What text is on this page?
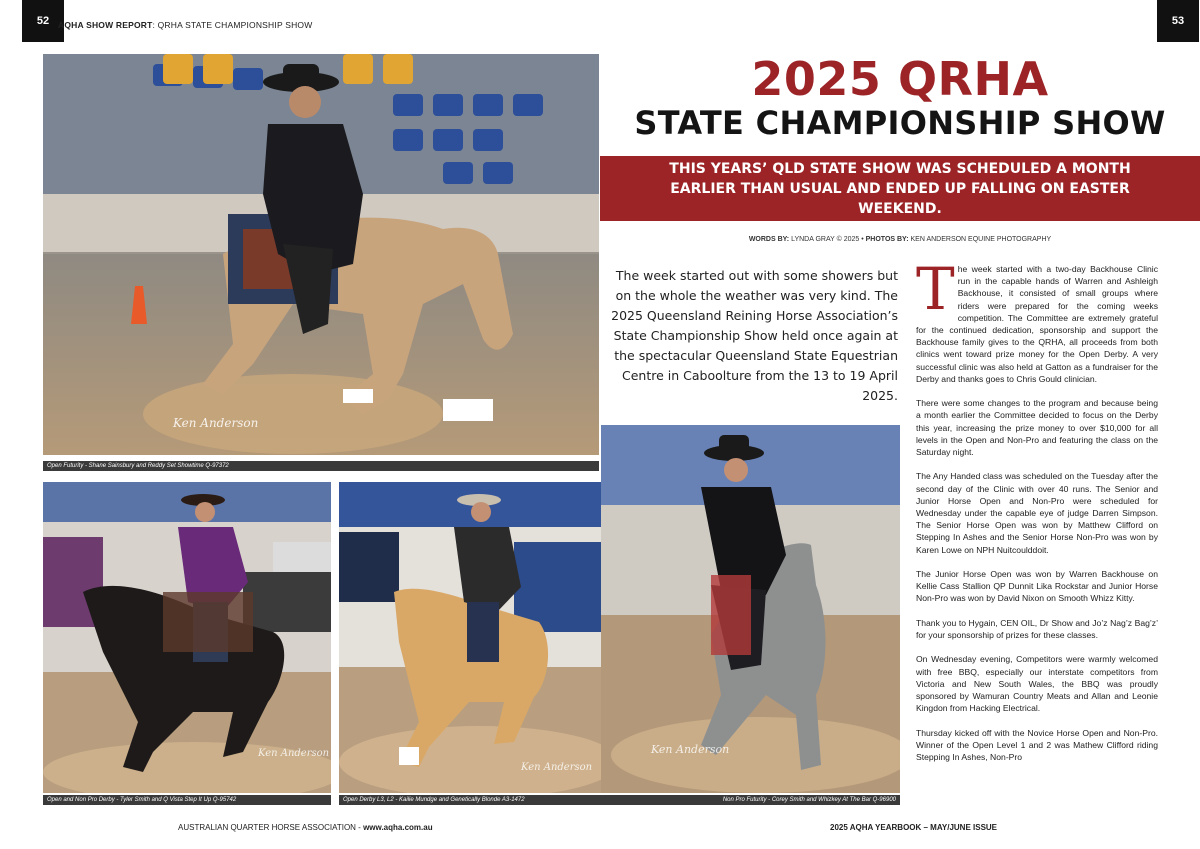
52	53
AQHA SHOW REPORT: QRHA STATE CHAMPIONSHIP SHOW
Ken Anderson
Open Futurity - Shane Sainsbury and Reddy Set Showtime Q-97372
Ken Anderson
Open and Non Pro Derby - Tyler Smith and Q Vista Step It Up Q-95742
Ken Anderson
Open Derby L3, L2 - Kailie Mundge and Genetically Blonde A3-1472
Ken Anderson
Non Pro Futurity - Corey Smith and Whizkey At The Bar Q-96900
2025 QRHA
STATE CHAMPIONSHIP SHOW
THIS YEARS’ QLD STATE SHOW WAS SCHEDULED A MONTH EARLIER THAN USUAL AND ENDED UP FALLING ON EASTER WEEKEND.
WORDS BY: LYNDA GRAY © 2025 • PHOTOS BY: KEN ANDERSON EQUINE PHOTOGRAPHY
The week started out with some showers but on the whole the weather was very kind. The 2025 Queensland Reining Horse Association’s State Championship Show held once again at the spectacular Queensland State Equestrian Centre in Caboolture from the 13 to 19 April 2025.

The week started with a two-day Backhouse Clinic run in the capable hands of Warren and Ashleigh Backhouse, it consisted of small groups where riders were prepared for the coming weeks competition. The Committee are extremely grateful for the continued dedication, sponsorship and support the Backhouse family gives to the QRHA, all proceeds from both clinics went toward prize money for the Open Derby. A very successful clinic was also held at Gatton as a fundraiser for the Derby and thanks goes to Chris Gould clinician.

There were some changes to the program and because being a month earlier the Committee decided to focus on the Derby this year, increasing the prize money to over $10,000 for all levels in the Open and Non-Pro and featuring the class on the Saturday night.

The Any Handed class was scheduled on the Tuesday after the second day of the Clinic with over 40 runs. The Senior and Junior Horse Open and Non-Pro were scheduled for Wednesday under the capable eye of judge Darren Simpson. The Senior Horse Open was won by Matthew Clifford on Stepping In Ashes and the Senior Horse Non-Pro was won by Karen Lowe on NPH Nuitcoulddoit.

The Junior Horse Open was won by Warren Backhouse on Kellie Cass Stallion QP Dunnit Lika Rockstar and Junior Horse Non-Pro was won by David Nixon on Smooth Whizz Kitty.

Thank you to Hygain, CEN OIL, Dr Show and Jo’z Nag’z Bag’z’ for your sponsorship of prizes for these classes.

On Wednesday evening, Competitors were warmly welcomed with free BBQ, especially our interstate competitors from Victoria and New South Wales, the BBQ was proudly sponsored by Wamuran Country Meats and Allan and Leonie Kingdon from Hacking Electrical.

Thursday kicked off with the Novice Horse Open and Non-Pro. Winner of the Open Level 1 and 2 was Mathew Clifford riding Stepping In Ashes, Non-Pro

AUSTRALIAN QUARTER HORSE ASSOCIATION - www.aqha.com.au	2025 AQHA YEARBOOK – MAY/JUNE ISSUE
